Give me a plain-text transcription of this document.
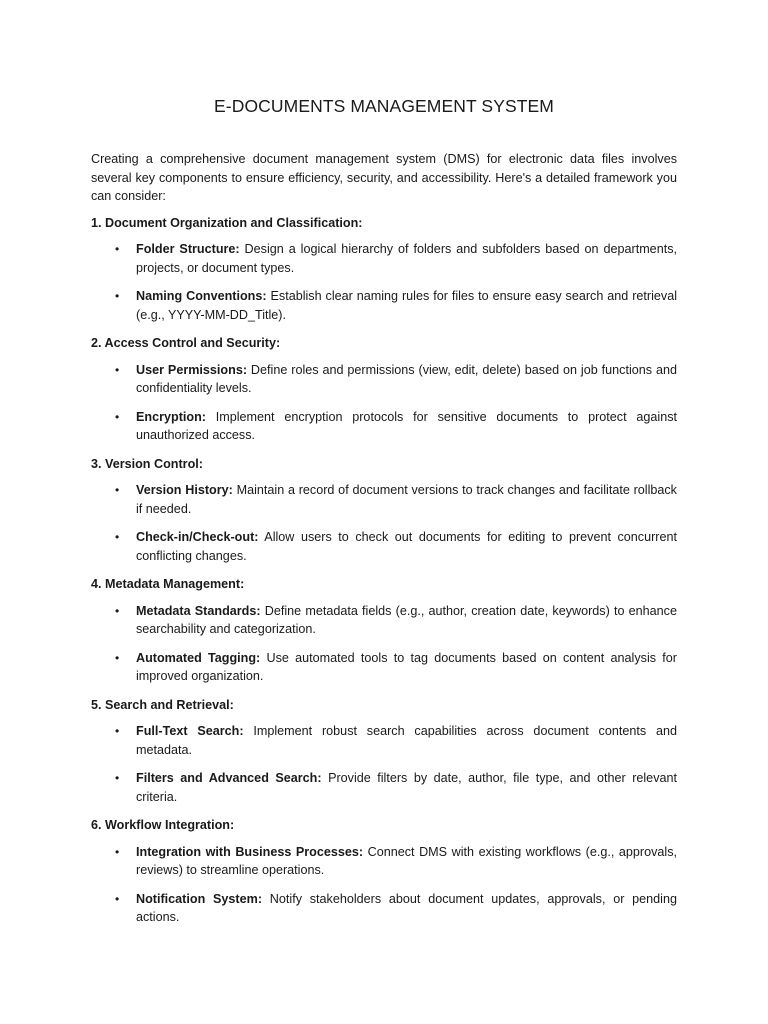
E-DOCUMENTS MANAGEMENT SYSTEM

Creating a comprehensive document management system (DMS) for electronic data files involves several key components to ensure efficiency, security, and accessibility. Here's a detailed framework you can consider:

1. Document Organization and Classification:

• Folder Structure: Design a logical hierarchy of folders and subfolders based on departments, projects, or document types.
• Naming Conventions: Establish clear naming rules for files to ensure easy search and retrieval (e.g., YYYY-MM-DD_Title).

2. Access Control and Security:

• User Permissions: Define roles and permissions (view, edit, delete) based on job functions and confidentiality levels.
• Encryption: Implement encryption protocols for sensitive documents to protect against unauthorized access.

3. Version Control:

• Version History: Maintain a record of document versions to track changes and facilitate rollback if needed.
• Check-in/Check-out: Allow users to check out documents for editing to prevent concurrent conflicting changes.

4. Metadata Management:

• Metadata Standards: Define metadata fields (e.g., author, creation date, keywords) to enhance searchability and categorization.
• Automated Tagging: Use automated tools to tag documents based on content analysis for improved organization.

5. Search and Retrieval:

• Full-Text Search: Implement robust search capabilities across document contents and metadata.
• Filters and Advanced Search: Provide filters by date, author, file type, and other relevant criteria.

6. Workflow Integration:

• Integration with Business Processes: Connect DMS with existing workflows (e.g., approvals, reviews) to streamline operations.
• Notification System: Notify stakeholders about document updates, approvals, or pending actions.
